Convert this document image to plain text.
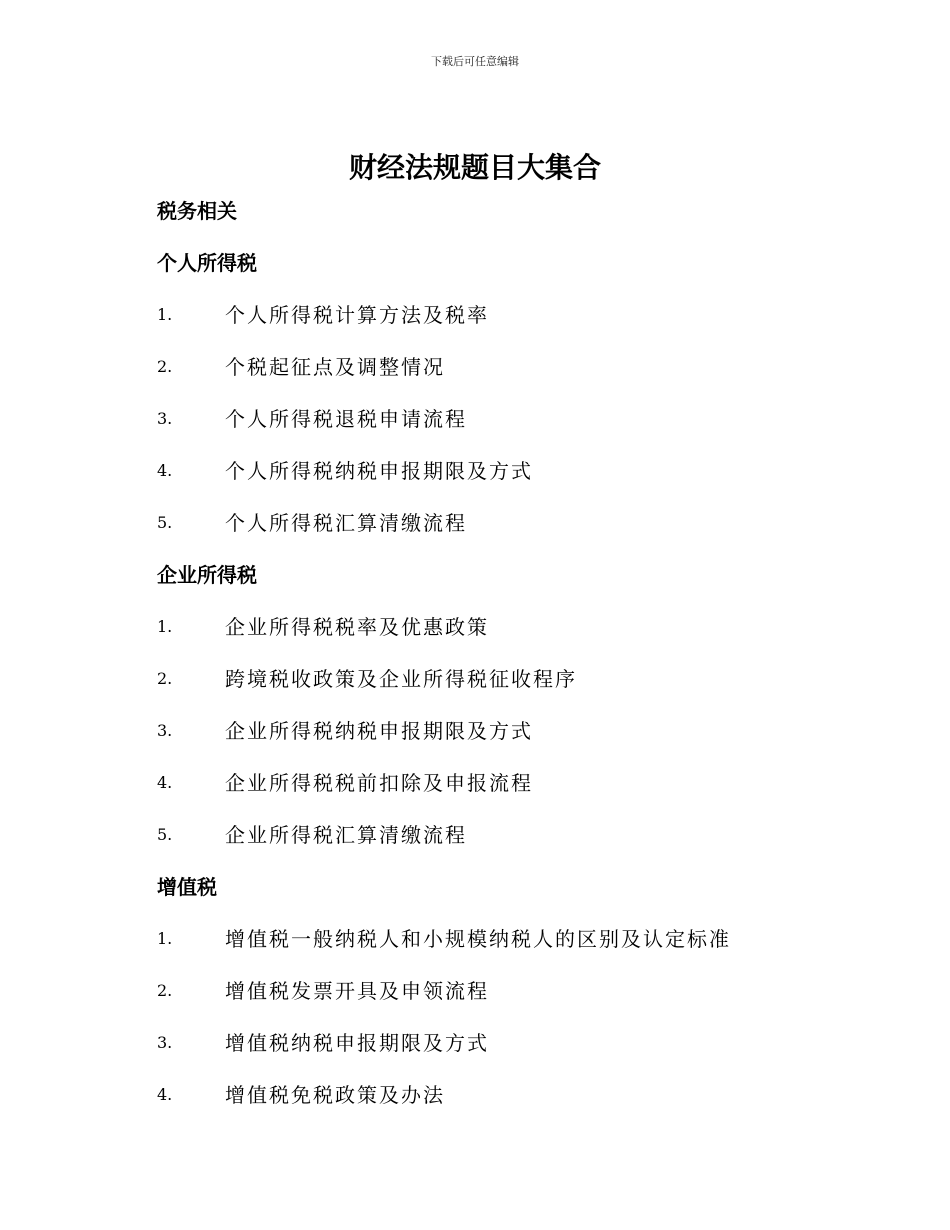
下载后可任意编辑
财经法规题目大集合
税务相关
个人所得税
1.	个人所得税计算方法及税率
2.	个税起征点及调整情况
3.	个人所得税退税申请流程
4.	个人所得税纳税申报期限及方式
5.	个人所得税汇算清缴流程
企业所得税
1.	企业所得税税率及优惠政策
2.	跨境税收政策及企业所得税征收程序
3.	企业所得税纳税申报期限及方式
4.	企业所得税税前扣除及申报流程
5.	企业所得税汇算清缴流程
增值税
1.	增值税一般纳税人和小规模纳税人的区别及认定标准
2.	增值税发票开具及申领流程
3.	增值税纳税申报期限及方式
4.	增值税免税政策及办法
